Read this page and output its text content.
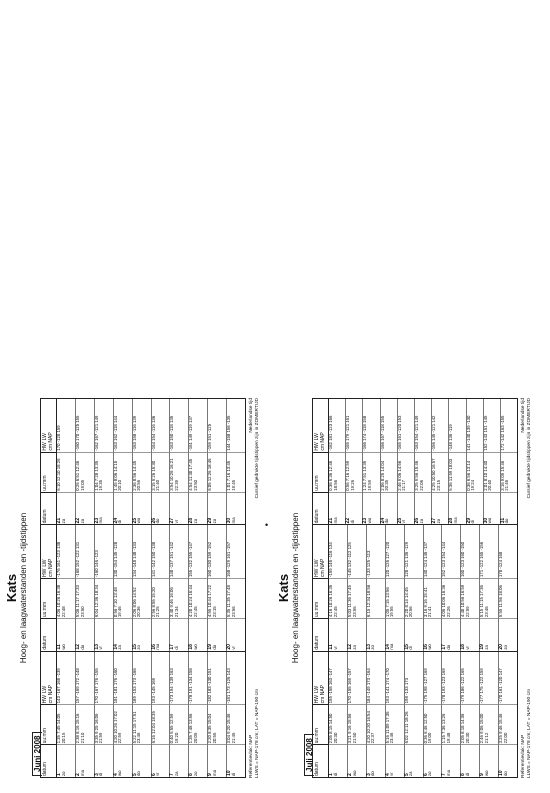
Kats Hoog- en laagwaterstanden en -tijdstippen
Juni 2008 datum
uu:mm
HWLW cm NAP
1
zo
1:35 7:45 14:05 20:15
143 -167 168 -139
2
ma
2:38 8:16 15:16 21:10
157 -169 172 -148
3
di
3:35 9:25 16:06 21:59
170 -167 176 -155
4
wo
4:20 10:26 17:02 22:59
181 -181 176 -160
5
do
5:22 11:15 17:51 23:46
189 -153 173 -166
6
vr
6:16 12:04 18:35
193 -145 169
7
za
0:40 5:55 12:59 19:20
-173 194 -139 163
8
zo
1:35 7:48 13:56 20:05
-178 191 -134 158
9
ma
2:20 8:35 15:04 20:55
-182 183 -130 151
10
di
3:04 9:20 15:46 21:45
-181 173 -126 143
datum
uu:mm
HWLW cm NAP
11
wo
4:06 10:26 16:38 22:48
-176 161 -123 138
12
do
5:06 11:17 17:33 23:50
-168 152 -122 131
13
vr
6:04 12:36 18:34
-160 146 -123
14
za
0:56 7:10 13:48 19:46
130 -154 145 -128
15
zo
2:06 8:06 14:52 20:36
134 -148 148 -133
16
ma
2:56 8:55 15:20 21:25
141 -142 150 -138
17
di
3:40 9:46 16:06 21:34
148 -137 151 -142
18
wo
4:20 10:24 16:44 22:45
155 -132 155 -147
19
do
4:55 10:44 17:22 23:15
160 -130 159 -152
20
vr
5:35 11:35 17:48 23:56
168 -129 161 -157
datum
uu:mm
HWLW cm NAP
21
za
6:10 12:10 18:26
170 -128 159
22
zo
0:26 6:51 12:46 19:05
-160 170 -125 155
23
ma
1:04 7:28 13:35 19:35
-162 167 -121 149
24
di
1:45 8:06 14:15 20:10
-163 162 -118 144
25
wo
2:36 8:56 14:45 20:56
-163 158 -116 139
26
do
3:15 9:26 15:30 21:40
-164 154 -116 136
27
vr
3:54 10:26 16:21 22:39
-163 150 -118 135
28
za
4:54 11:30 17:45 23:50
-161 149 -119 137
29
zo
6:05 12:26 18:46
-159 151 -125
30
ma
1:01 7:16 13:45 19:45
144 -158 156 -135
Referentievlak: NAP LLWS = NAP-178 cm; LAT = NAP-190 cm
Nederlandse tijd Cursief gedrukte tijdstippen zijn in ZOMERTIJD
Kats Hoog- en laagwaterstanden en -tijdstippen
Juli 2008 datum
uu:mm
HWLW cm NAP
1
di
2:05 8:15 14:50 20:30
155 -158 163 -147
2
wo
3:21 9:16 15:56 21:50
170 -155 169 -157
3
do
4:20 10:20 16:54 22:37
184 -149 173 -164
4
vr
5:16 11:09 17:35 23:46
193 -141 174 -170
5
za
6:02 12:11 18:26
198 -133 173
6
zo
0:36 6:46 12:50 19:00
-175 198 -127 169
7
ma
1:15 7:36 13:26 19:48
-178 193 -123 169
8
di
2:05 8:18 14:36 20:30
-179 186 -122 165
9
wo
2:46 9:06 15:00 21:12
-177 175 -122 159
10
do
3:25 9:46 15:46 22:00
-170 161 -120 147
datum
uu:mm
HWLW cm NAP
11
vr
4:16 10:26 16:35 22:45
-159 146 -116 134
12
za
5:03 11:36 17:45 23:55
-145 132 -112 125
13
zo
6:15 12:34 18:56
-133 125 -113
14
ma
1:05 7:15 13:56 19:55
120 -126 127 -120
15
di
2:20 8:14 14:45 20:56
128 -121 136 -129
16
wo
3:16 9:16 15:41 21:41
140 -124 146 -137
17
do
4:06 10:06 16:36 22:26
152 -123 154 -144
18
vr
4:40 10:56 16:59 22:59
160 -123 160 -150
19
za
5:15 11:15 17:36 23:46
171 -122 165 -156
20
zo
5:55 11:56 18:06
178 -124 168
datum
uu:mm
HWLW cm NAP
21
ma
0:36 6:36 12:46 18:56
-162 181 -123 166
22
di
0:56 7:16 12:59 19:26
-165 179 -121 161
23
wo
1:24 7:51 13:35 19:59
-166 174 -118 158
24
do
2:06 8:25 14:04 20:35
-166 167 -118 155
25
vr
2:46 9:06 14:56 21:17
-165 161 -120 153
26
za
3:25 9:56 15:46 22:06
-163 154 -121 149
27
zo
4:25 10:50 16:57 23:15
-156 145 -121 142
28
ma
5:36 11:59 18:03
-148 136 -119
29
di
0:36 6:56 13:14 19:24
141 -140 139 -130
30
wo
2:01 8:10 14:40 20:40
152 -143 151 -145
31
do
3:16 9:09 15:46 21:46
172 -142 163 -155
Referentievlak: NAP LLWS = NAP-178 cm; LAT = NAP-190 cm
Nederlandse tijd Cursief gedrukte tijdstippen zijn in ZOMERTIJD
•
